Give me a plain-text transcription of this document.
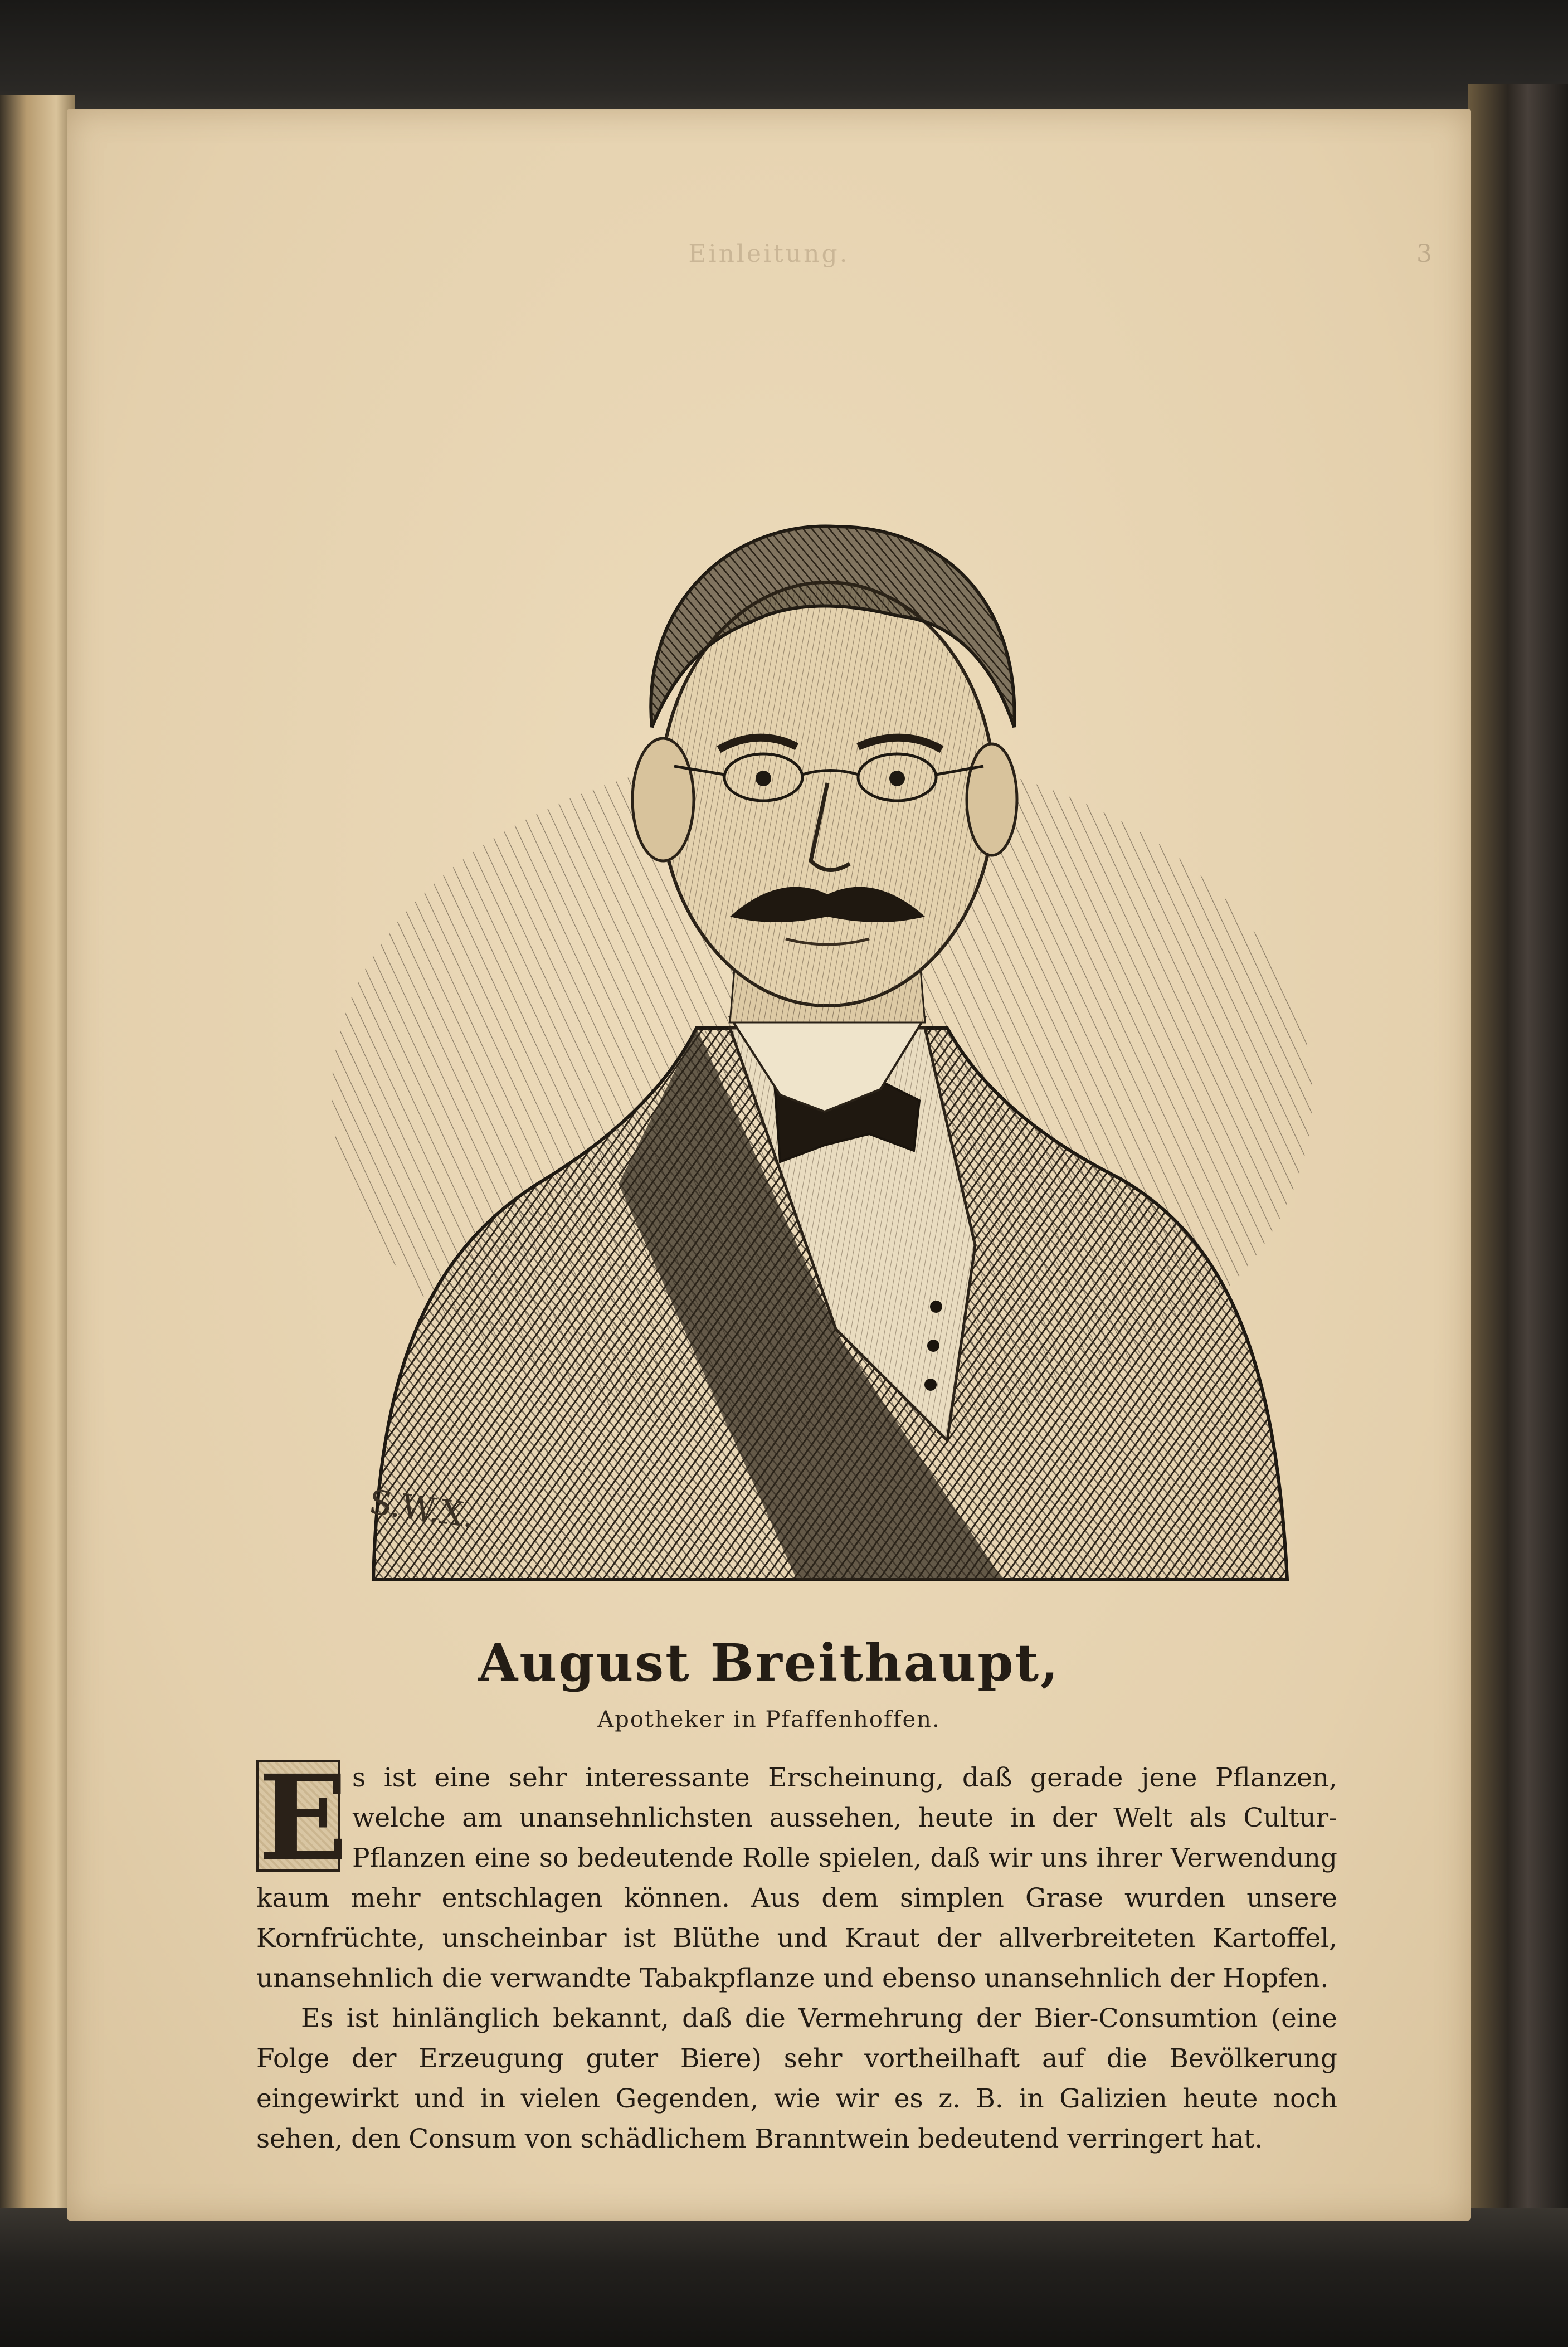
Einleitung.	3
S.W.X.
August Breithaupt,
Apotheker in Pfaffenhoffen.

E s ist eine sehr interessante Erscheinung, daß gerade jene Pflanzen, welche am unansehnlichsten aussehen, heute in der Welt als Cultur-Pflanzen eine so bedeutende Rolle spielen, daß wir uns ihrer Verwendung kaum mehr entschlagen können. Aus dem simplen Grase wurden unsere Kornfrüchte, unscheinbar ist Blüthe und Kraut der allverbreiteten Kartoffel, unansehnlich die verwandte Tabakpflanze und ebenso unansehnlich der Hopfen.

Es ist hinlänglich bekannt, daß die Vermehrung der Bier-Consumtion (eine Folge der Erzeugung guter Biere) sehr vortheilhaft auf die Bevölkerung eingewirkt und in vielen Gegenden, wie wir es z. B. in Galizien heute noch sehen, den Consum von schädlichem Branntwein bedeutend verringert hat.
